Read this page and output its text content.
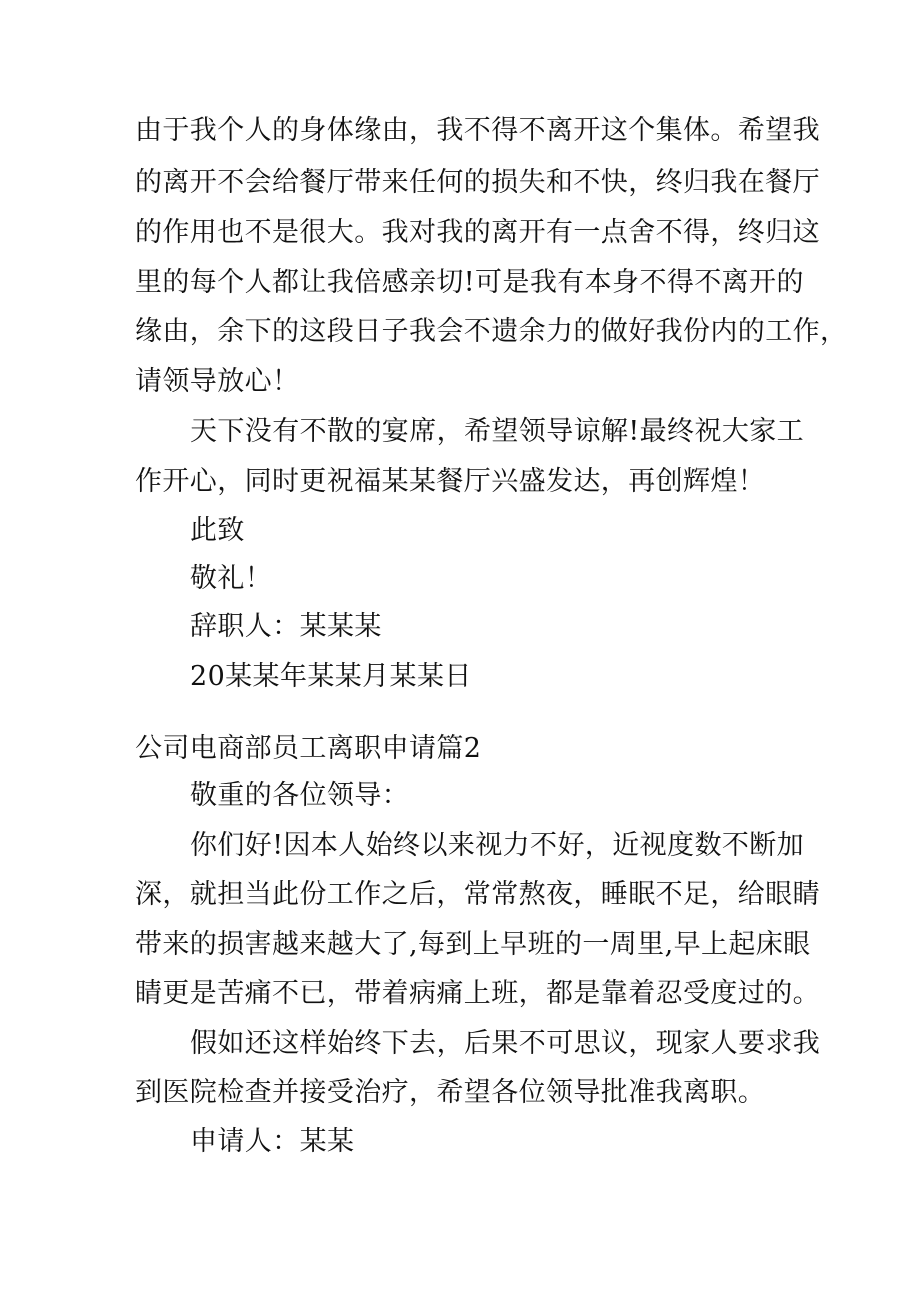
由于我个人的身体缘由，我不得不离开这个集体。希望我
的离开不会给餐厅带来任何的损失和不快，终归我在餐厅
的作用也不是很大。我对我的离开有一点舍不得，终归这
里的每个人都让我倍感亲切!可是我有本身不得不离开的
缘由，余下的这段日子我会不遗余力的做好我份内的工作，
请领导放心！
天下没有不散的宴席，希望领导谅解!最终祝大家工
作开心，同时更祝福某某餐厅兴盛发达，再创辉煌！
此致
敬礼！
辞职人：某某某
20某某年某某月某某日
公司电商部员工离职申请篇2
敬重的各位领导：
你们好!因本人始终以来视力不好，近视度数不断加
深，就担当此份工作之后，常常熬夜，睡眠不足，给眼睛
带来的损害越来越大了,每到上早班的一周里,早上起床眼
睛更是苦痛不已，带着病痛上班，都是靠着忍受度过的。
假如还这样始终下去，后果不可思议，现家人要求我
到医院检查并接受治疗，希望各位领导批准我离职。
申请人：某某
